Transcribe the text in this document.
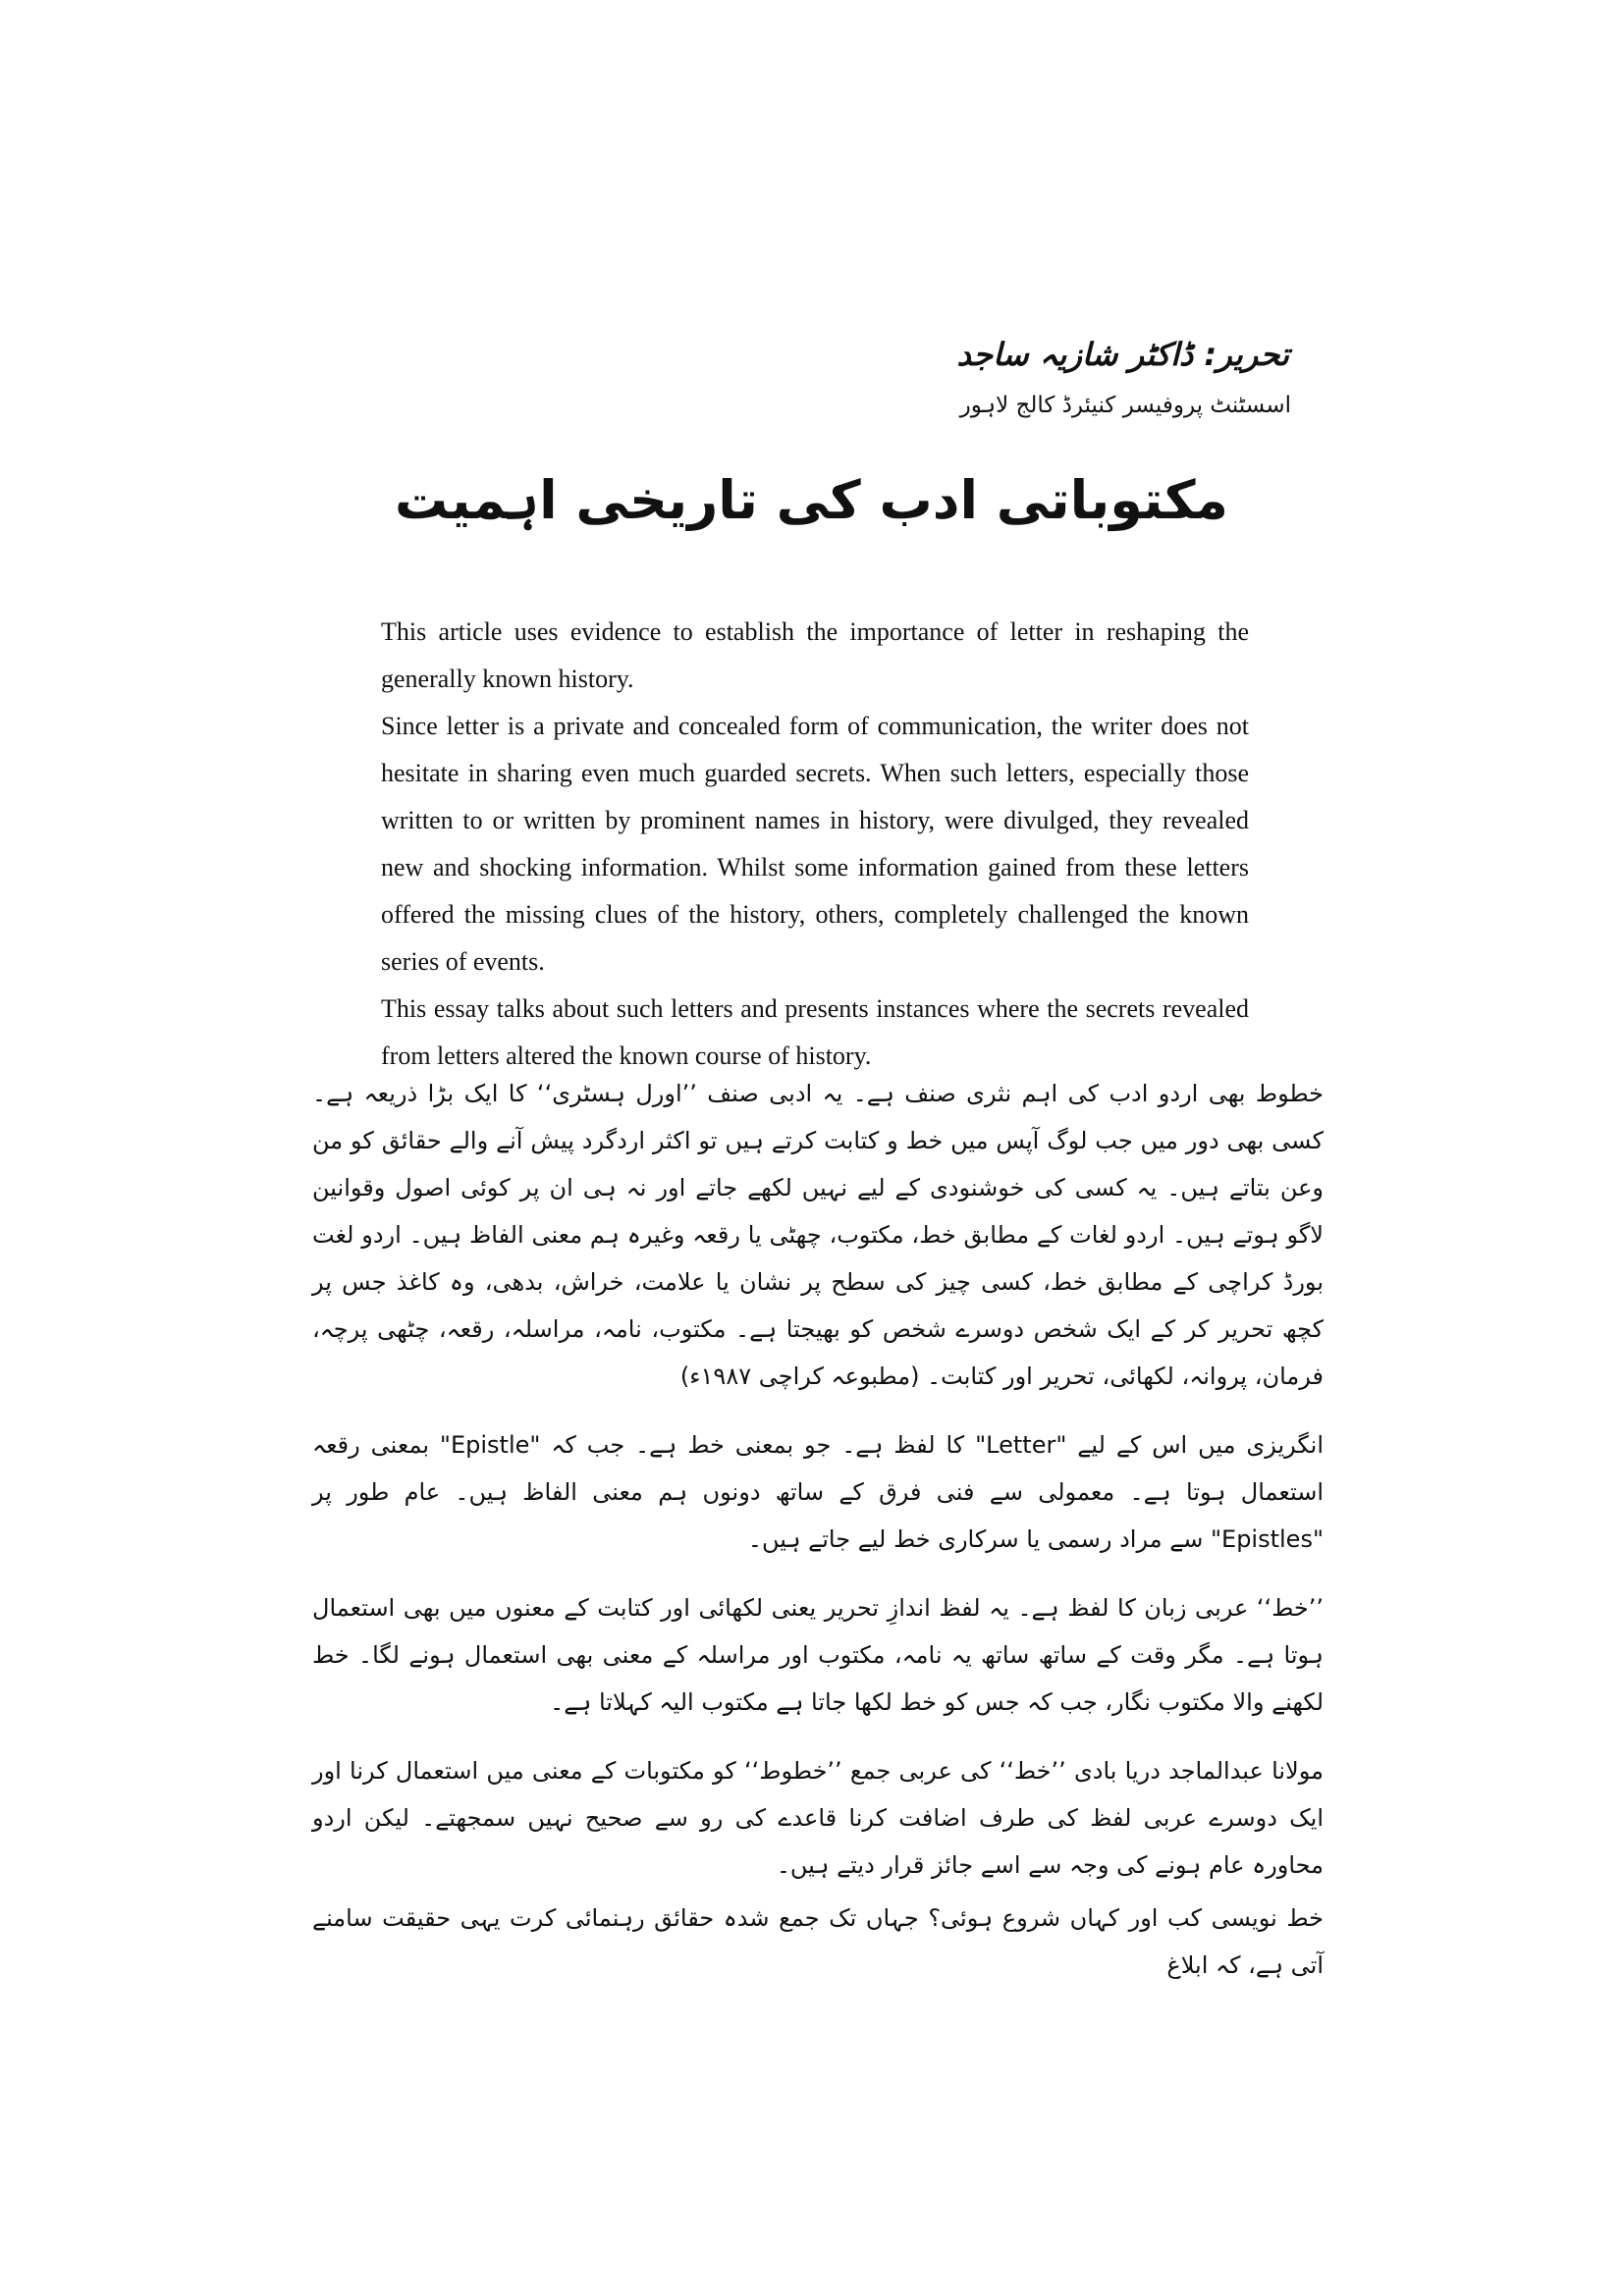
تحریر: ڈاکٹر شازیہ ساجد
اسسٹنٹ پروفیسر کنیئرڈ کالج لاہور
مکتوباتی ادب کی تاریخی اہمیت

This article uses evidence to establish the importance of letter in reshaping the generally known history.

Since letter is a private and concealed form of communication, the writer does not hesitate in sharing even much guarded secrets. When such letters, especially those written to or written by prominent names in history, were divulged, they revealed new and shocking information. Whilst some information gained from these letters offered the missing clues of the history, others, completely challenged the known series of events.

This essay talks about such letters and presents instances where the secrets revealed from letters altered the known course of history.

خطوط بھی اردو ادب کی اہم نثری صنف ہے۔ یہ ادبی صنف ’’اورل ہسٹری‘‘ کا ایک بڑا ذریعہ ہے۔ کسی بھی دور میں جب لوگ آپس میں خط و کتابت کرتے ہیں تو اکثر اردگرد پیش آنے والے حقائق کو من وعن بتاتے ہیں۔ یہ کسی کی خوشنودی کے لیے نہیں لکھے جاتے اور نہ ہی ان پر کوئی اصول وقوانین لاگو ہوتے ہیں۔ اردو لغات کے مطابق خط، مکتوب، چھٹی یا رقعہ وغیرہ ہم معنی الفاظ ہیں۔ اردو لغت بورڈ کراچی کے مطابق خط، کسی چیز کی سطح پر نشان یا علامت، خراش، بدھی، وہ کاغذ جس پر کچھ تحریر کر کے ایک شخص دوسرے شخص کو بھیجتا ہے۔ مکتوب، نامہ، مراسلہ، رقعہ، چٹھی پرچہ، فرمان، پروانہ، لکھائی، تحریر اور کتابت۔ (مطبوعہ کراچی ۱۹۸۷ء)

انگریزی میں اس کے لیے "Letter" کا لفظ ہے۔ جو بمعنی خط ہے۔ جب کہ "Epistle" بمعنی رقعہ استعمال ہوتا ہے۔ معمولی سے فنی فرق کے ساتھ دونوں ہم معنی الفاظ ہیں۔ عام طور پر "Epistles" سے مراد رسمی یا سرکاری خط لیے جاتے ہیں۔

’’خط‘‘ عربی زبان کا لفظ ہے۔ یہ لفظ اندازِ تحریر یعنی لکھائی اور کتابت کے معنوں میں بھی استعمال ہوتا ہے۔ مگر وقت کے ساتھ ساتھ یہ نامہ، مکتوب اور مراسلہ کے معنی بھی استعمال ہونے لگا۔ خط لکھنے والا مکتوب نگار، جب کہ جس کو خط لکھا جاتا ہے مکتوب الیہ کہلاتا ہے۔

مولانا عبدالماجد دریا بادی ’’خط‘‘ کی عربی جمع ’’خطوط‘‘ کو مکتوبات کے معنی میں استعمال کرنا اور ایک دوسرے عربی لفظ کی طرف اضافت کرنا قاعدے کی رو سے صحیح نہیں سمجھتے۔ لیکن اردو محاورہ عام ہونے کی وجہ سے اسے جائز قرار دیتے ہیں۔

خط نویسی کب اور کہاں شروع ہوئی؟ جہاں تک جمع شدہ حقائق رہنمائی کرت یہی حقیقت سامنے آتی ہے، کہ ابلاغ
